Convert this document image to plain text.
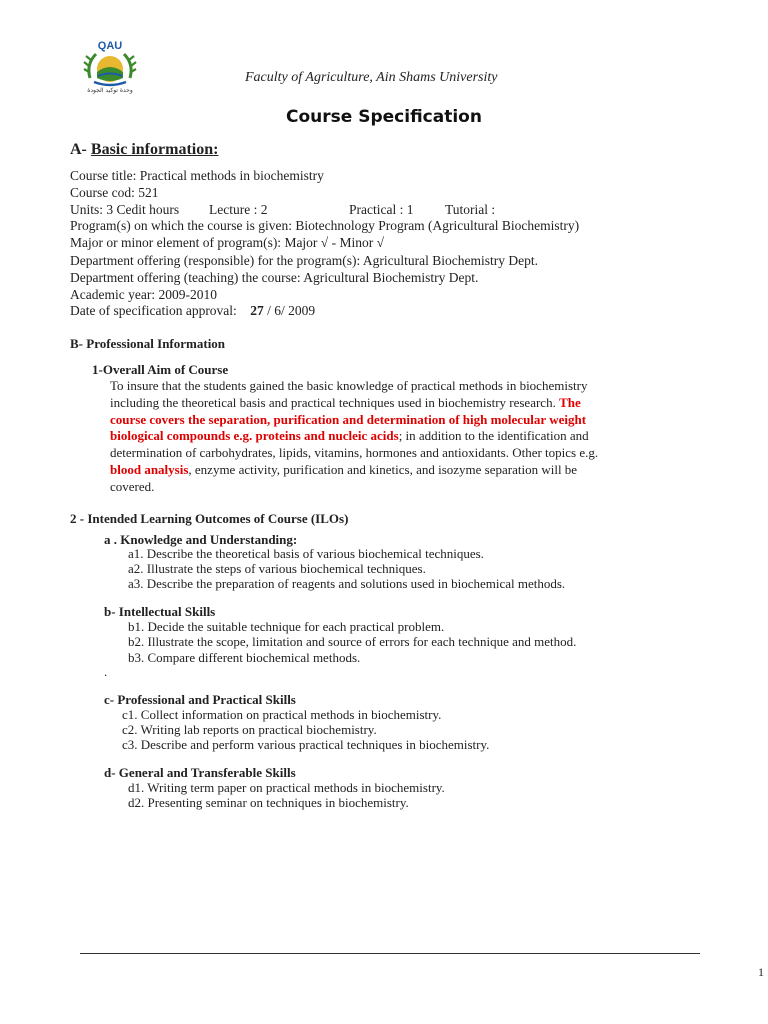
QAU
وحدة توكيد الجودة
Faculty of Agriculture, Ain Shams University
Course Specification
A- Basic information:
Course title: Practical methods in biochemistry
Course cod: 521
Units: 3 Cedit hours Lecture : 2	Practical : 1 Tutorial :
Program(s) on which the course is given: Biotechnology Program (Agricultural Biochemistry)
Major or minor element of program(s): Major √ - Minor √
Department offering (responsible) for the program(s): Agricultural Biochemistry Dept.
Department offering (teaching) the course: Agricultural Biochemistry Dept.
Academic year: 2009-2010
Date of specification approval: 27 / 6/ 2009
B- Professional Information
1-Overall Aim of Course
To insure that the students gained the basic knowledge of practical methods in biochemistry
including the theoretical basis and practical techniques used in biochemistry research. The
course covers the separation, purification and determination of high molecular weight
biological compounds e.g. proteins and nucleic acids; in addition to the identification and
determination of carbohydrates, lipids, vitamins, hormones and antioxidants. Other topics e.g.
blood analysis, enzyme activity, purification and kinetics, and isozyme separation will be
covered.
2 - Intended Learning Outcomes of Course (ILOs)
a . Knowledge and Understanding:
a1. Describe the theoretical basis of various biochemical techniques.
a2. Illustrate the steps of various biochemical techniques.
a3. Describe the preparation of reagents and solutions used in biochemical methods.
b- Intellectual Skills
b1. Decide the suitable technique for each practical problem.
b2. Illustrate the scope, limitation and source of errors for each technique and method.
b3. Compare different biochemical methods.
.
c- Professional and Practical Skills
c1. Collect information on practical methods in biochemistry.
c2. Writing lab reports on practical biochemistry.
c3. Describe and perform various practical techniques in biochemistry.
d- General and Transferable Skills
d1. Writing term paper on practical methods in biochemistry.
d2. Presenting seminar on techniques in biochemistry.
1
